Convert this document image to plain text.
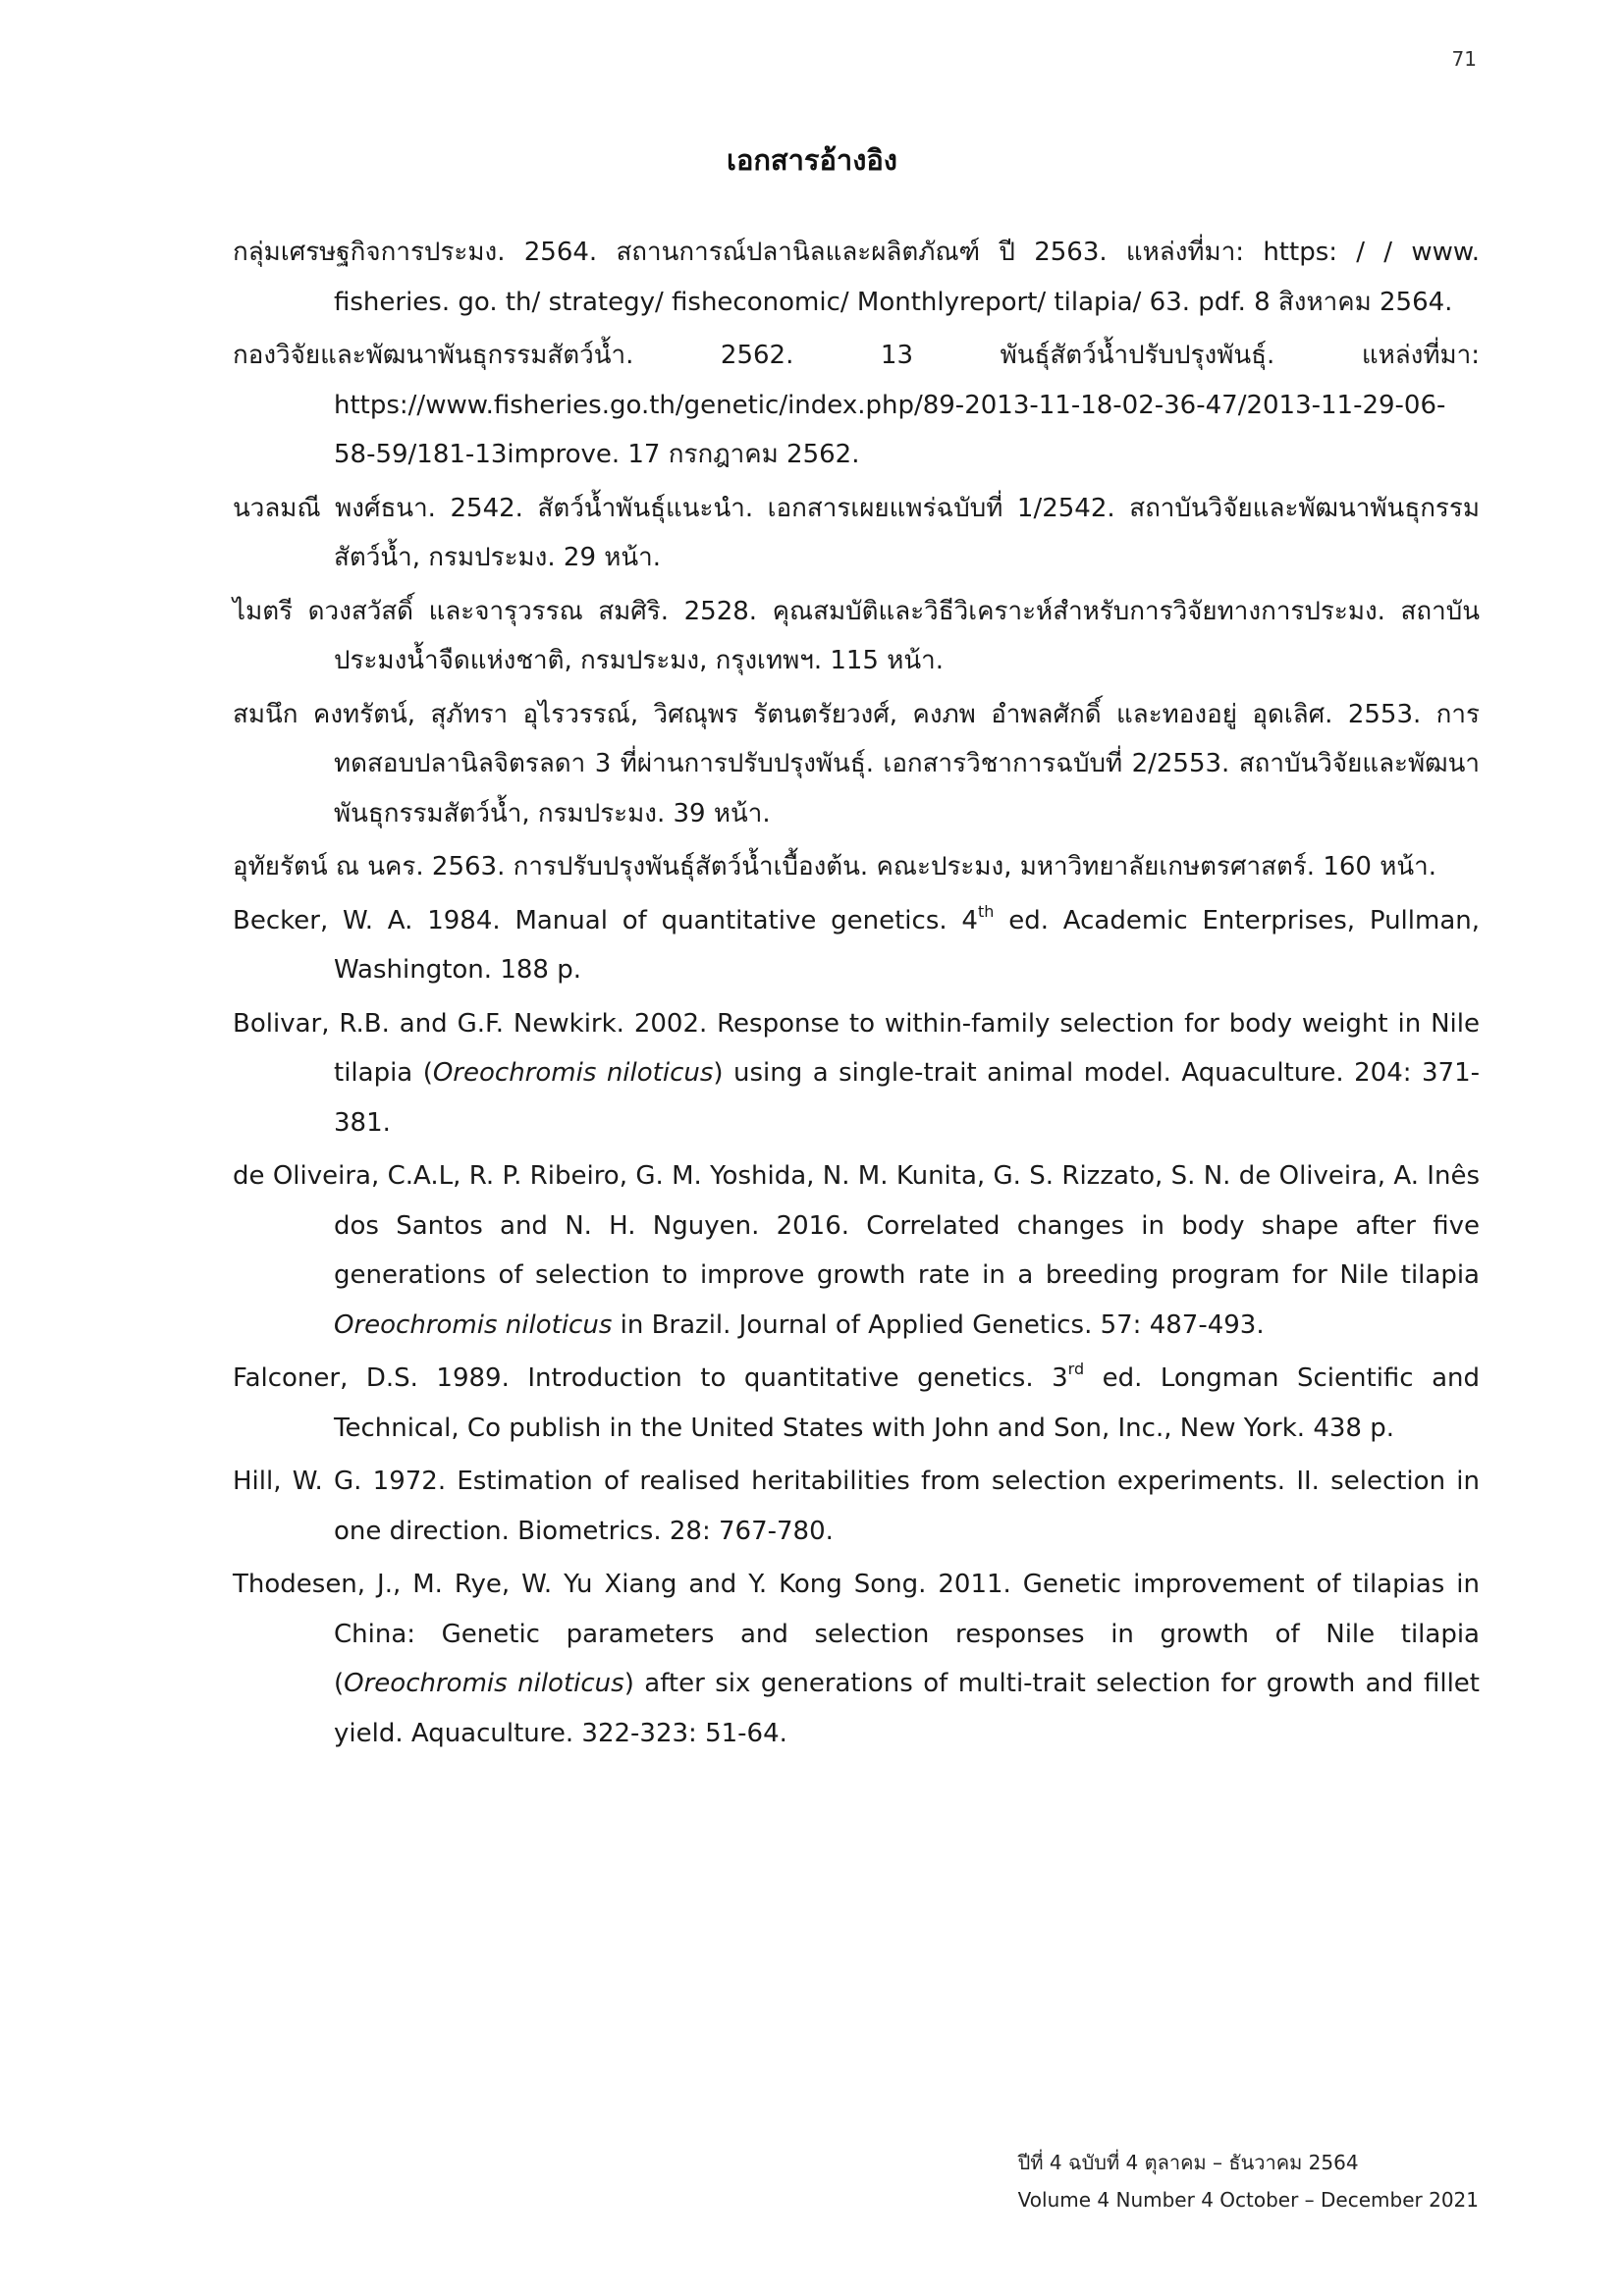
71
เอกสารอ้างอิง
กลุ่มเศรษฐกิจการประมง. 2564. สถานการณ์ปลานิลและผลิตภัณฑ์ ปี 2563. แหล่งที่มา: https: / / www. fisheries. go. th/ strategy/ fisheconomic/ Monthlyreport/ tilapia/ 63. pdf. 8 สิงหาคม 2564.
กองวิจัยและพัฒนาพันธุกรรมสัตว์น้ำ. 2562. 13 พันธุ์สัตว์น้ำปรับปรุงพันธุ์. แหล่งที่มา: https://www.fisheries.go.th/genetic/index.php/89-2013-11-18-02-36-47/2013-11-29-06-58-59/181-13improve. 17 กรกฎาคม 2562.
นวลมณี พงศ์ธนา. 2542. สัตว์น้ำพันธุ์แนะนำ. เอกสารเผยแพร่ฉบับที่ 1/2542. สถาบันวิจัยและพัฒนาพันธุกรรมสัตว์น้ำ, กรมประมง. 29 หน้า.
ไมตรี ดวงสวัสดิ์ และจารุวรรณ สมศิริ. 2528. คุณสมบัติและวิธีวิเคราะห์สำหรับการวิจัยทางการประมง. สถาบันประมงน้ำจืดแห่งชาติ, กรมประมง, กรุงเทพฯ. 115 หน้า.
สมนึก คงทรัตน์, สุภัทรา อุไรวรรณ์, วิศณุพร รัตนตรัยวงศ์, คงภพ อำพลศักดิ์ และทองอยู่ อุดเลิศ. 2553. การทดสอบปลานิลจิตรลดา 3 ที่ผ่านการปรับปรุงพันธุ์. เอกสารวิชาการฉบับที่ 2/2553. สถาบันวิจัยและพัฒนาพันธุกรรมสัตว์น้ำ, กรมประมง. 39 หน้า.
อุทัยรัตน์ ณ นคร. 2563. การปรับปรุงพันธุ์สัตว์น้ำเบื้องต้น. คณะประมง, มหาวิทยาลัยเกษตรศาสตร์. 160 หน้า.
Becker, W. A. 1984. Manual of quantitative genetics. 4th ed. Academic Enterprises, Pullman, Washington. 188 p.
Bolivar, R.B. and G.F. Newkirk. 2002. Response to within-family selection for body weight in Nile tilapia (Oreochromis niloticus) using a single-trait animal model. Aquaculture. 204: 371-381.
de Oliveira, C.A.L, R. P. Ribeiro, G. M. Yoshida, N. M. Kunita, G. S. Rizzato, S. N. de Oliveira, A. Inês dos Santos and N. H. Nguyen. 2016. Correlated changes in body shape after five generations of selection to improve growth rate in a breeding program for Nile tilapia Oreochromis niloticus in Brazil. Journal of Applied Genetics. 57: 487-493.
Falconer, D.S. 1989. Introduction to quantitative genetics. 3rd ed. Longman Scientific and Technical, Co publish in the United States with John and Son, Inc., New York. 438 p.
Hill, W. G. 1972. Estimation of realised heritabilities from selection experiments. II. selection in one direction. Biometrics. 28: 767-780.
Thodesen, J., M. Rye, W. Yu Xiang and Y. Kong Song. 2011. Genetic improvement of tilapias in China: Genetic parameters and selection responses in growth of Nile tilapia (Oreochromis niloticus) after six generations of multi-trait selection for growth and fillet yield. Aquaculture. 322-323: 51-64.
ปีที่ 4 ฉบับที่ 4 ตุลาคม – ธันวาคม 2564
Volume 4 Number 4 October – December 2021
